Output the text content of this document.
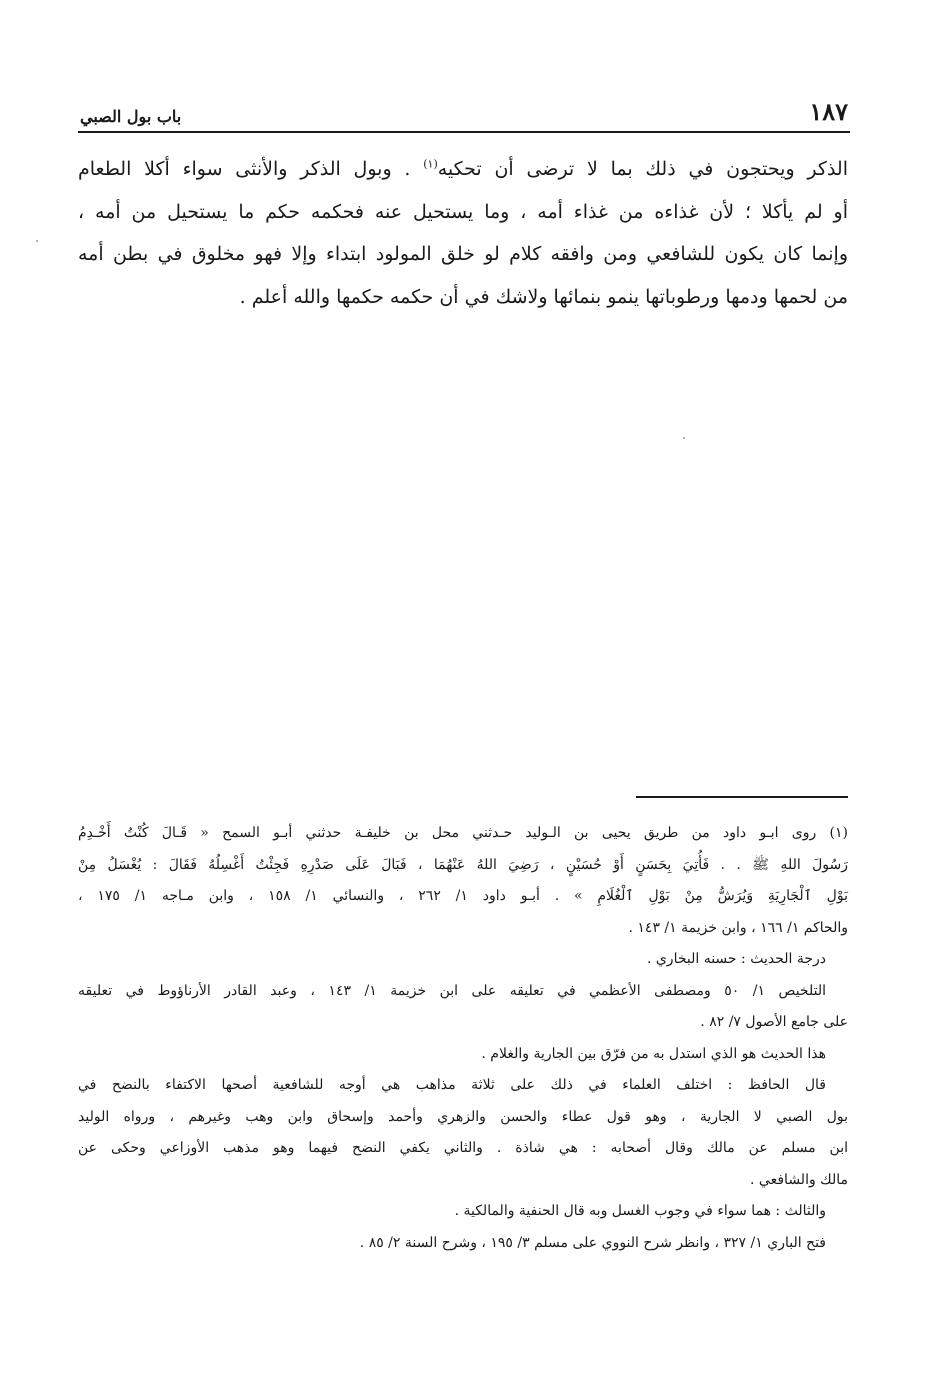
١٨٧
باب بول الصبي
الذكر ويحتجون في ذلك بما لا ترضى أن تحكيه$^{(١)}$ . وبول الذكر والأنثى سواء أكلا الطعام
أو لم يأكلا ؛ لأن غذاءه من غذاء أمه ، وما يستحيل عنه فحكمه حكم ما يستحيل من أمه ،
وإنما كان يكون للشافعي ومن وافقه كلام لو خلق المولود ابتداء وإلا فهو مخلوق في بطن أمه
من لحمها ودمها ورطوباتها ينمو بنمائها ولاشك في أن حكمه حكمها والله أعلم .
(١) روى ابـو داود من طريق يحيى بن الـوليد حـدثني محل بن خليفـة حدثني أبـو السمح « قَـالَ كُنْتُ أَخْـدِمُ
رَسُولَ اللهِ ﷺ . . فَأُتِيَ بِحَسَنٍ أَوْ حُسَيْنٍ ، رَضِيَ اللهُ عَنْهُمَا ، فَبَالَ عَلَى صَدْرِهِ فَجِئْتُ أَغْسِلُهُ فَقَالَ : يُغْسَلُ مِنْ
بَوْلِ ٱلْجَارِيَةِ وَيُرَشُّ مِنْ بَوْلِ ٱلْغُلَامِ » . أبـو داود ١/ ٢٦٢ ، والنسائي ١/ ١٥٨ ، وابن مـاجه ١/ ١٧٥ ،
والحاكم ١/ ١٦٦ ، وابن خزيمة ١/ ١٤٣ .
درجة الحديث : حسنه البخاري .
التلخيص ١/ ٥٠ ومصطفى الأعظمي في تعليقه على ابن خزيمة ١/ ١٤٣ ، وعبد القادر الأرناؤوط في تعليقه
على جامع الأصول ٧/ ٨٢ .
هذا الحديث هو الذي استدل به من فرّق بين الجارية والغلام .
قال الحافظ : اختلف العلماء في ذلك على ثلاثة مذاهب هي أوجه للشافعية أصحها الاكتفاء بالنضح في
بول الصبي لا الجارية ، وهو قول عطاء والحسن والزهري وأحمد وإسحاق وابن وهب وغيرهم ، ورواه الوليد
ابن مسلم عن مالك وقال أصحابه : هي شاذة . والثاني يكفي النضح فيهما وهو مذهب الأوزاعي وحكى عن
مالك والشافعي .
والثالث : هما سواء في وجوب الغسل وبه قال الحنفية والمالكية .
فتح الباري ١/ ٣٢٧ ، وانظر شرح النووي على مسلم ٣/ ١٩٥ ، وشرح السنة ٢/ ٨٥ .
